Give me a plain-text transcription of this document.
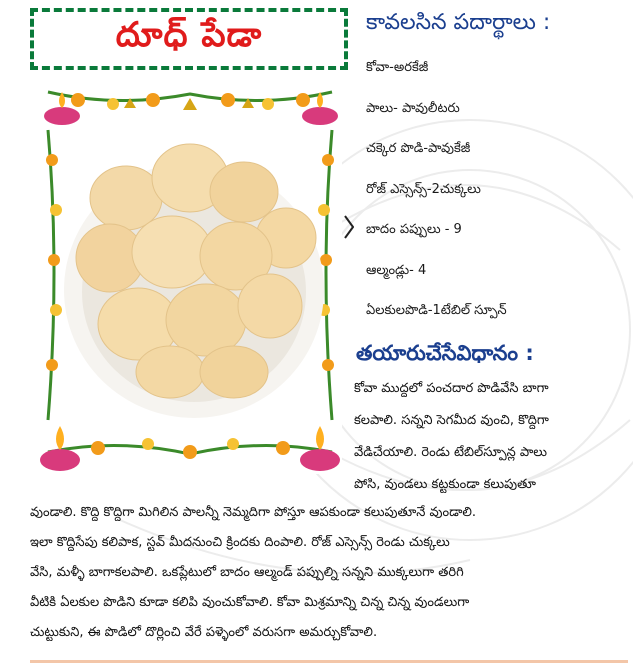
దూధ్ పేడా	కావలసిన పదార్థాలు :
కోవా-అరకేజీ
పాలు- పావులీటరు
చక్కెర పొడి-పావుకేజీ
రోజ్ ఎస్సెన్స్-2చుక్కలు
బాదం పప్పులు - 9
ఆల్మండ్లు- 4
ఏలకులపొడి-1టేబిల్ స్పూన్
తయారుచేసేవిధానం :
కోవా ముద్దలో పంచదార పొడివేసి బాగా
కలపాలి. సన్నని సెగమీద వుంచి, కొద్దిగా
వేడిచేయాలి. రెండు టేబిల్‌స్పూన్ల పాలు
పోసి, వుండలు కట్టకుండా కలుపుతూ
వుండాలి. కొద్ది కొద్దిగా మిగిలిన పాలన్నీ నెమ్మదిగా పోస్తూ ఆపకుండా కలుపుతూనే వుండాలి.
ఇలా కొద్దిసేపు కలిపాక, స్టవ్ మీదనుంచి క్రిందకు దింపాలి. రోజ్ ఎస్సెన్స్ రెండు చుక్కలు
వేసి, మళ్ళీ బాగాకలపాలి. ఒకప్లేటులో బాదం ఆల్మండ్ పప్పుల్ని సన్నని ముక్కలుగా తరిగి
వీటికి ఏలకుల పొడిని కూడా కలిపి వుంచుకోవాలి. కోవా మిశ్రమాన్ని చిన్న చిన్న వుండలుగా
చుట్టుకుని, ఈ పొడిలో దొర్లించి వేరే పళ్ళెంలో వరుసగా అమర్చుకోవాలి.
